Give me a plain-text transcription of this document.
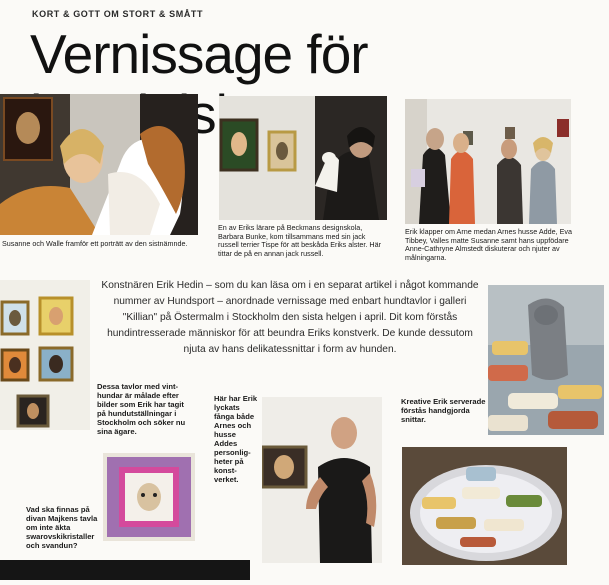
KORT & GOTT OM STORT & SMÅTT
Vernissage för
Susanne och Walle framför ett porträtt av den sistnämnde.
En av Eriks lärare på Beckmans designskola, Barbara Bunke, kom tillsammans med sin jack russell terrier Tispe för att beskåda Eriks alster. Här tittar de på en annan jack russell.
Erik klapper om Arne medan Arnes husse Adde, Eva Tibbey, Valles matte Susanne samt hans uppfödare Anne-Cathryne Almstedt diskuterar och njuter av målningarna.
Konstnären Erik Hedin – som du kan läsa om i en separat artikel i något kommande nummer av Hundsport – anordnade vernissage med enbart hundtavlor i galleri "Killian" på Östermalm i Stockholm den sista helgen i april. Dit kom förstås hundintresserade människor för att beundra Eriks konstverk. De kunde dessutom njuta av hans delikatessnittar i form av hunden.
Dessa tavlor med vint-hundar är målade efter bilder som Erik har tagit på hundutställningar i Stockholm och söker nu sina ägare.
Vad ska finnas på divan Majkens tavla om inte äkta swarovskikristaller och svandun?
Här har Erik lyckats fånga både Arnes och husse Addes personlig-heter på konst-verket.
Kreative Erik serverade förstås handgjorda snittar.
